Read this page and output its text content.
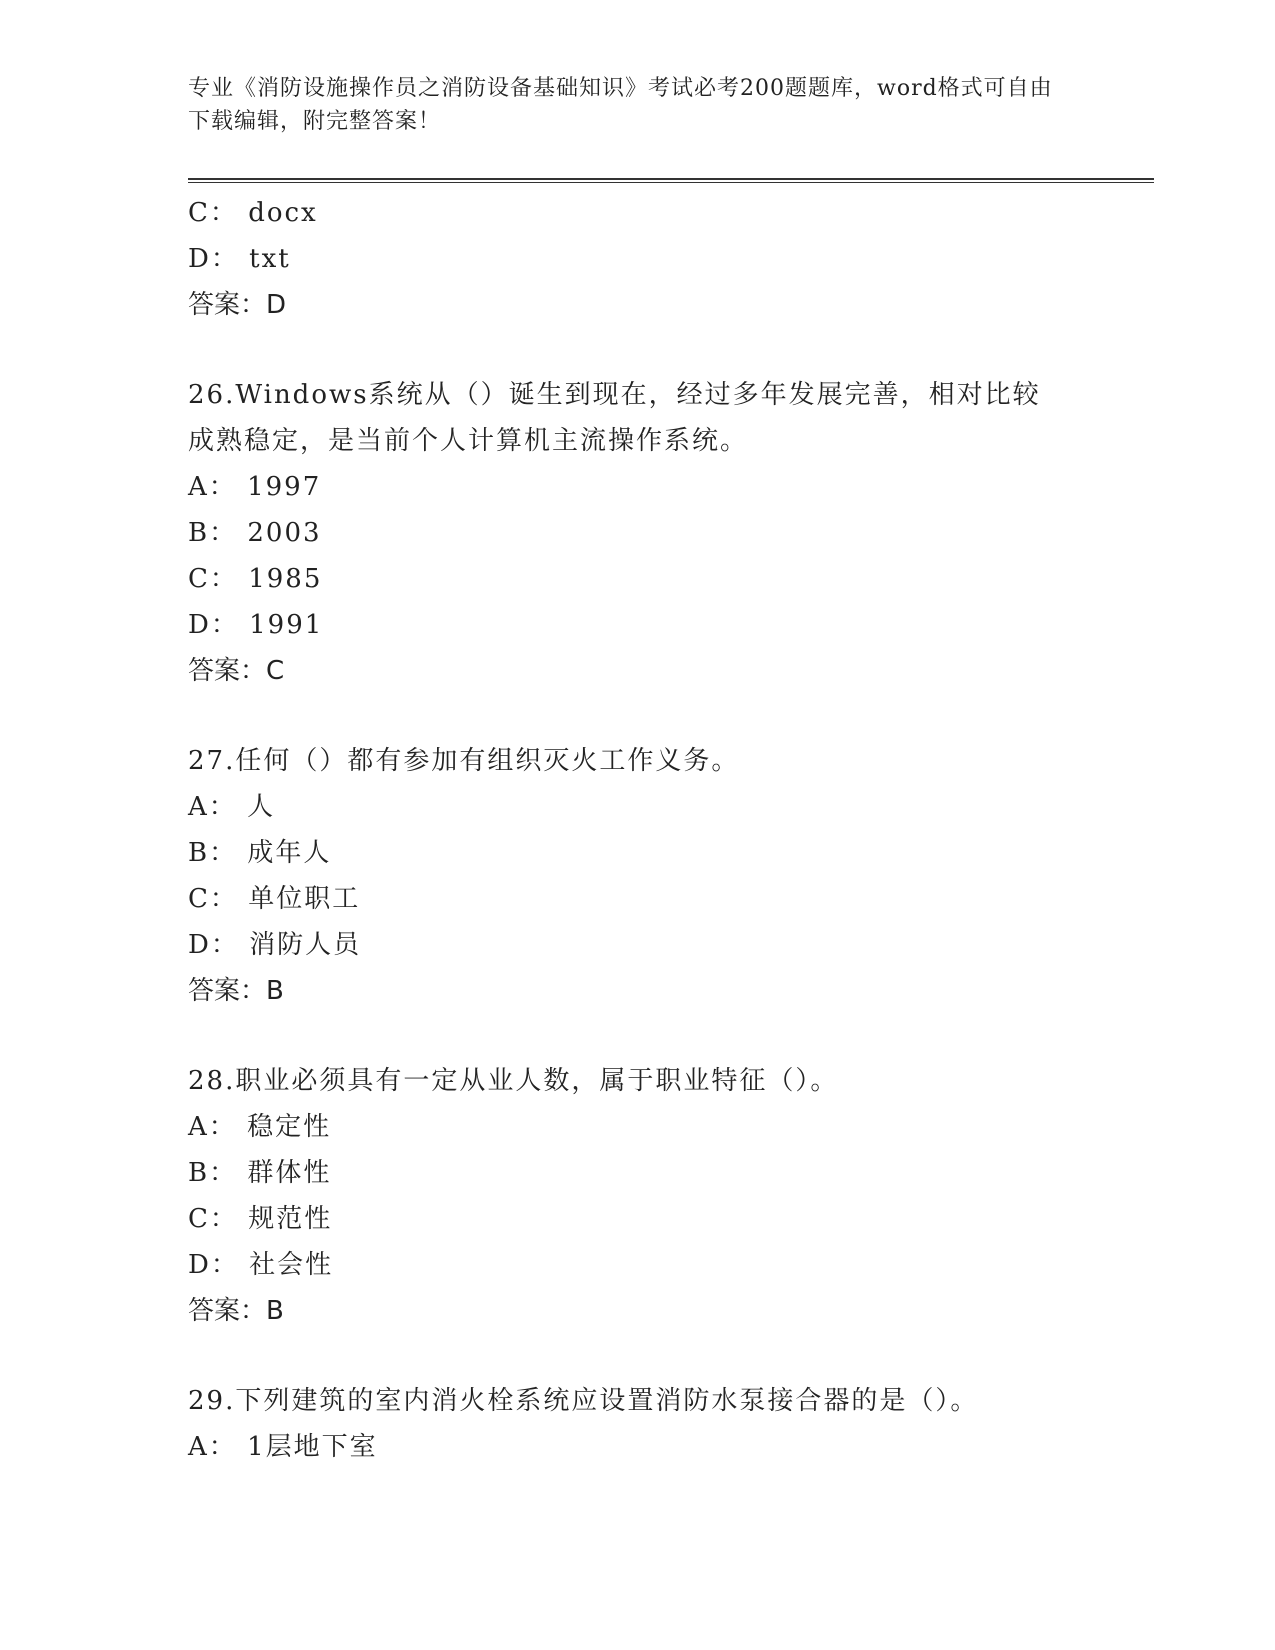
专业《消防设施操作员之消防设备基础知识》考试必考200题题库，word格式可自由下载编辑，附完整答案！
C： docx
D： txt
答案：D
26.Windows系统从（）诞生到现在，经过多年发展完善，相对比较成熟稳定，是当前个人计算机主流操作系统。
A： 1997
B： 2003
C： 1985
D： 1991
答案：C
27.任何（）都有参加有组织灭火工作义务。
A： 人
B： 成年人
C： 单位职工
D： 消防人员
答案：B
28.职业必须具有一定从业人数，属于职业特征（）。
A： 稳定性
B： 群体性
C： 规范性
D： 社会性
答案：B
29.下列建筑的室内消火栓系统应设置消防水泵接合器的是（）。
A： 1层地下室
